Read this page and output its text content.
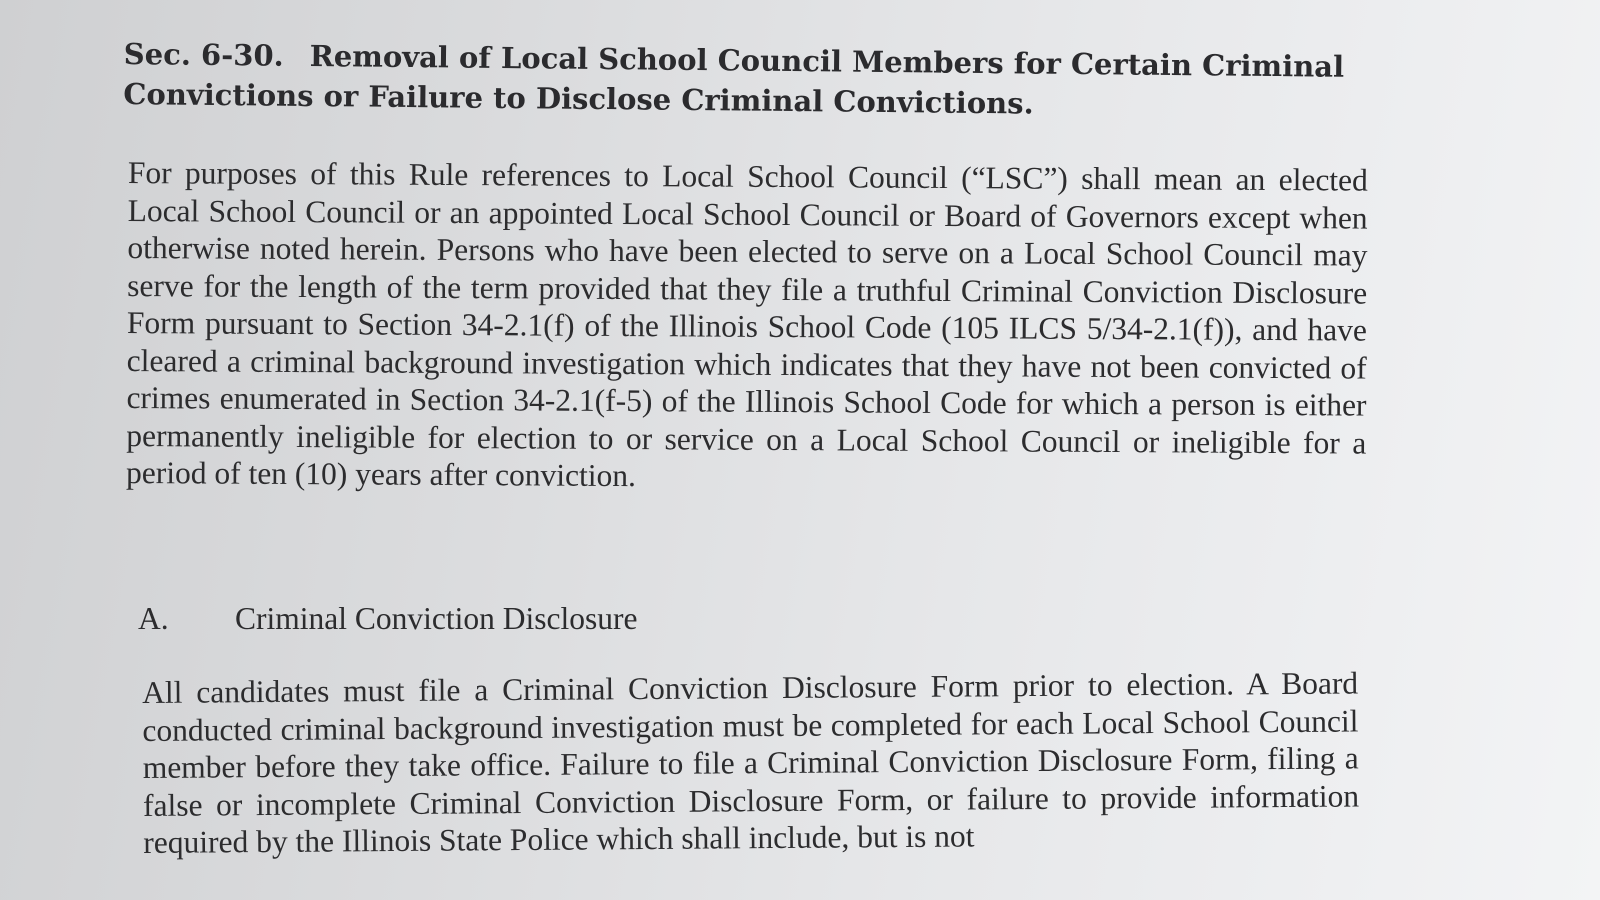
Sec. 6-30. Removal of Local School Council Members for Certain Criminal Convictions or Failure to Disclose Criminal Convictions.
For purposes of this Rule references to Local School Council (“LSC”) shall mean an elected Local School Council or an appointed Local School Council or Board of Governors except when otherwise noted herein. Persons who have been elected to serve on a Local School Council may serve for the length of the term provided that they file a truthful Criminal Conviction Disclosure Form pursuant to Section 34-2.1(f) of the Illinois School Code (105 ILCS 5/34-2.1(f)), and have cleared a criminal background investigation which indicates that they have not been convicted of crimes enumerated in Section 34-2.1(f-5) of the Illinois School Code for which a person is either permanently ineligible for election to or service on a Local School Council or ineligible for a period of ten (10) years after conviction.
A. Criminal Conviction Disclosure
All candidates must file a Criminal Conviction Disclosure Form prior to election. A Board conducted criminal background investigation must be completed for each Local School Council member before they take office. Failure to file a Criminal Conviction Disclosure Form, filing a false or incomplete Criminal Conviction Disclosure Form, or failure to provide information required by the Illinois State Police which shall include, but is not
